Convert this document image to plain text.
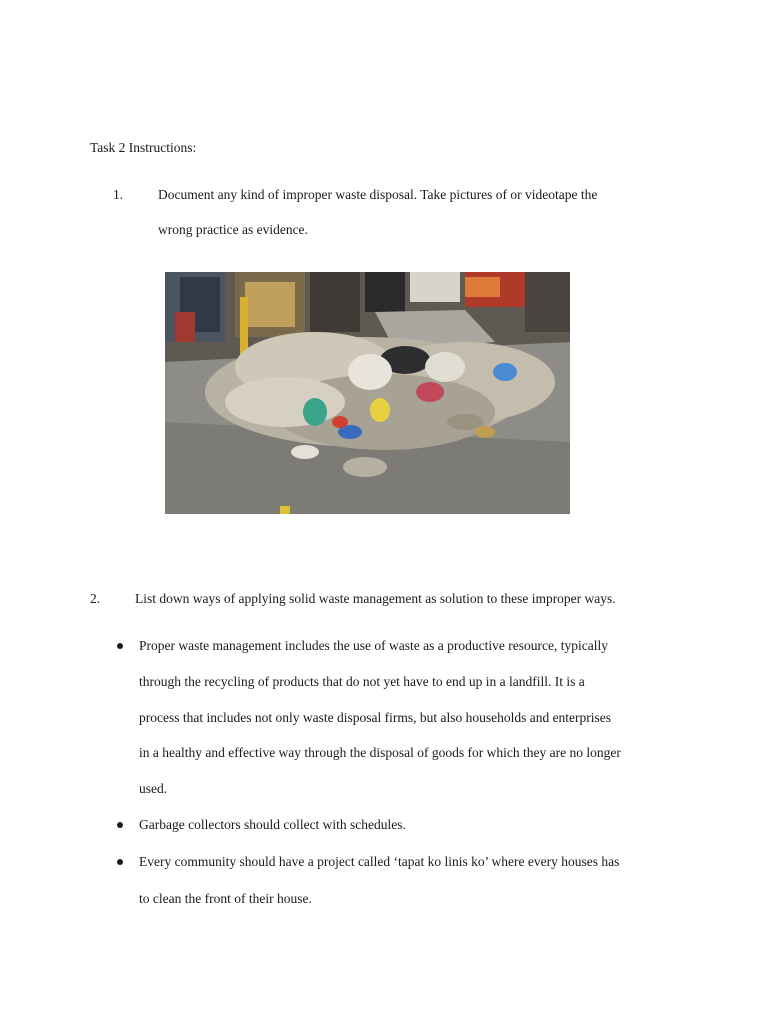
Task 2 Instructions:
1.	Document any kind of improper waste disposal. Take pictures of or videotape the
wrong practice as evidence.
2.	List down ways of applying solid waste management as solution to these improper ways.
Proper waste management includes the use of waste as a productive resource, typically
through the recycling of products that do not yet have to end up in a landfill. It is a
process that includes not only waste disposal firms, but also households and enterprises
in a healthy and effective way through the disposal of goods for which they are no longer
used.
Garbage collectors should collect with schedules.
Every community should have a project called ‘tapat ko linis ko’ where every houses has
to clean the front of their house.
